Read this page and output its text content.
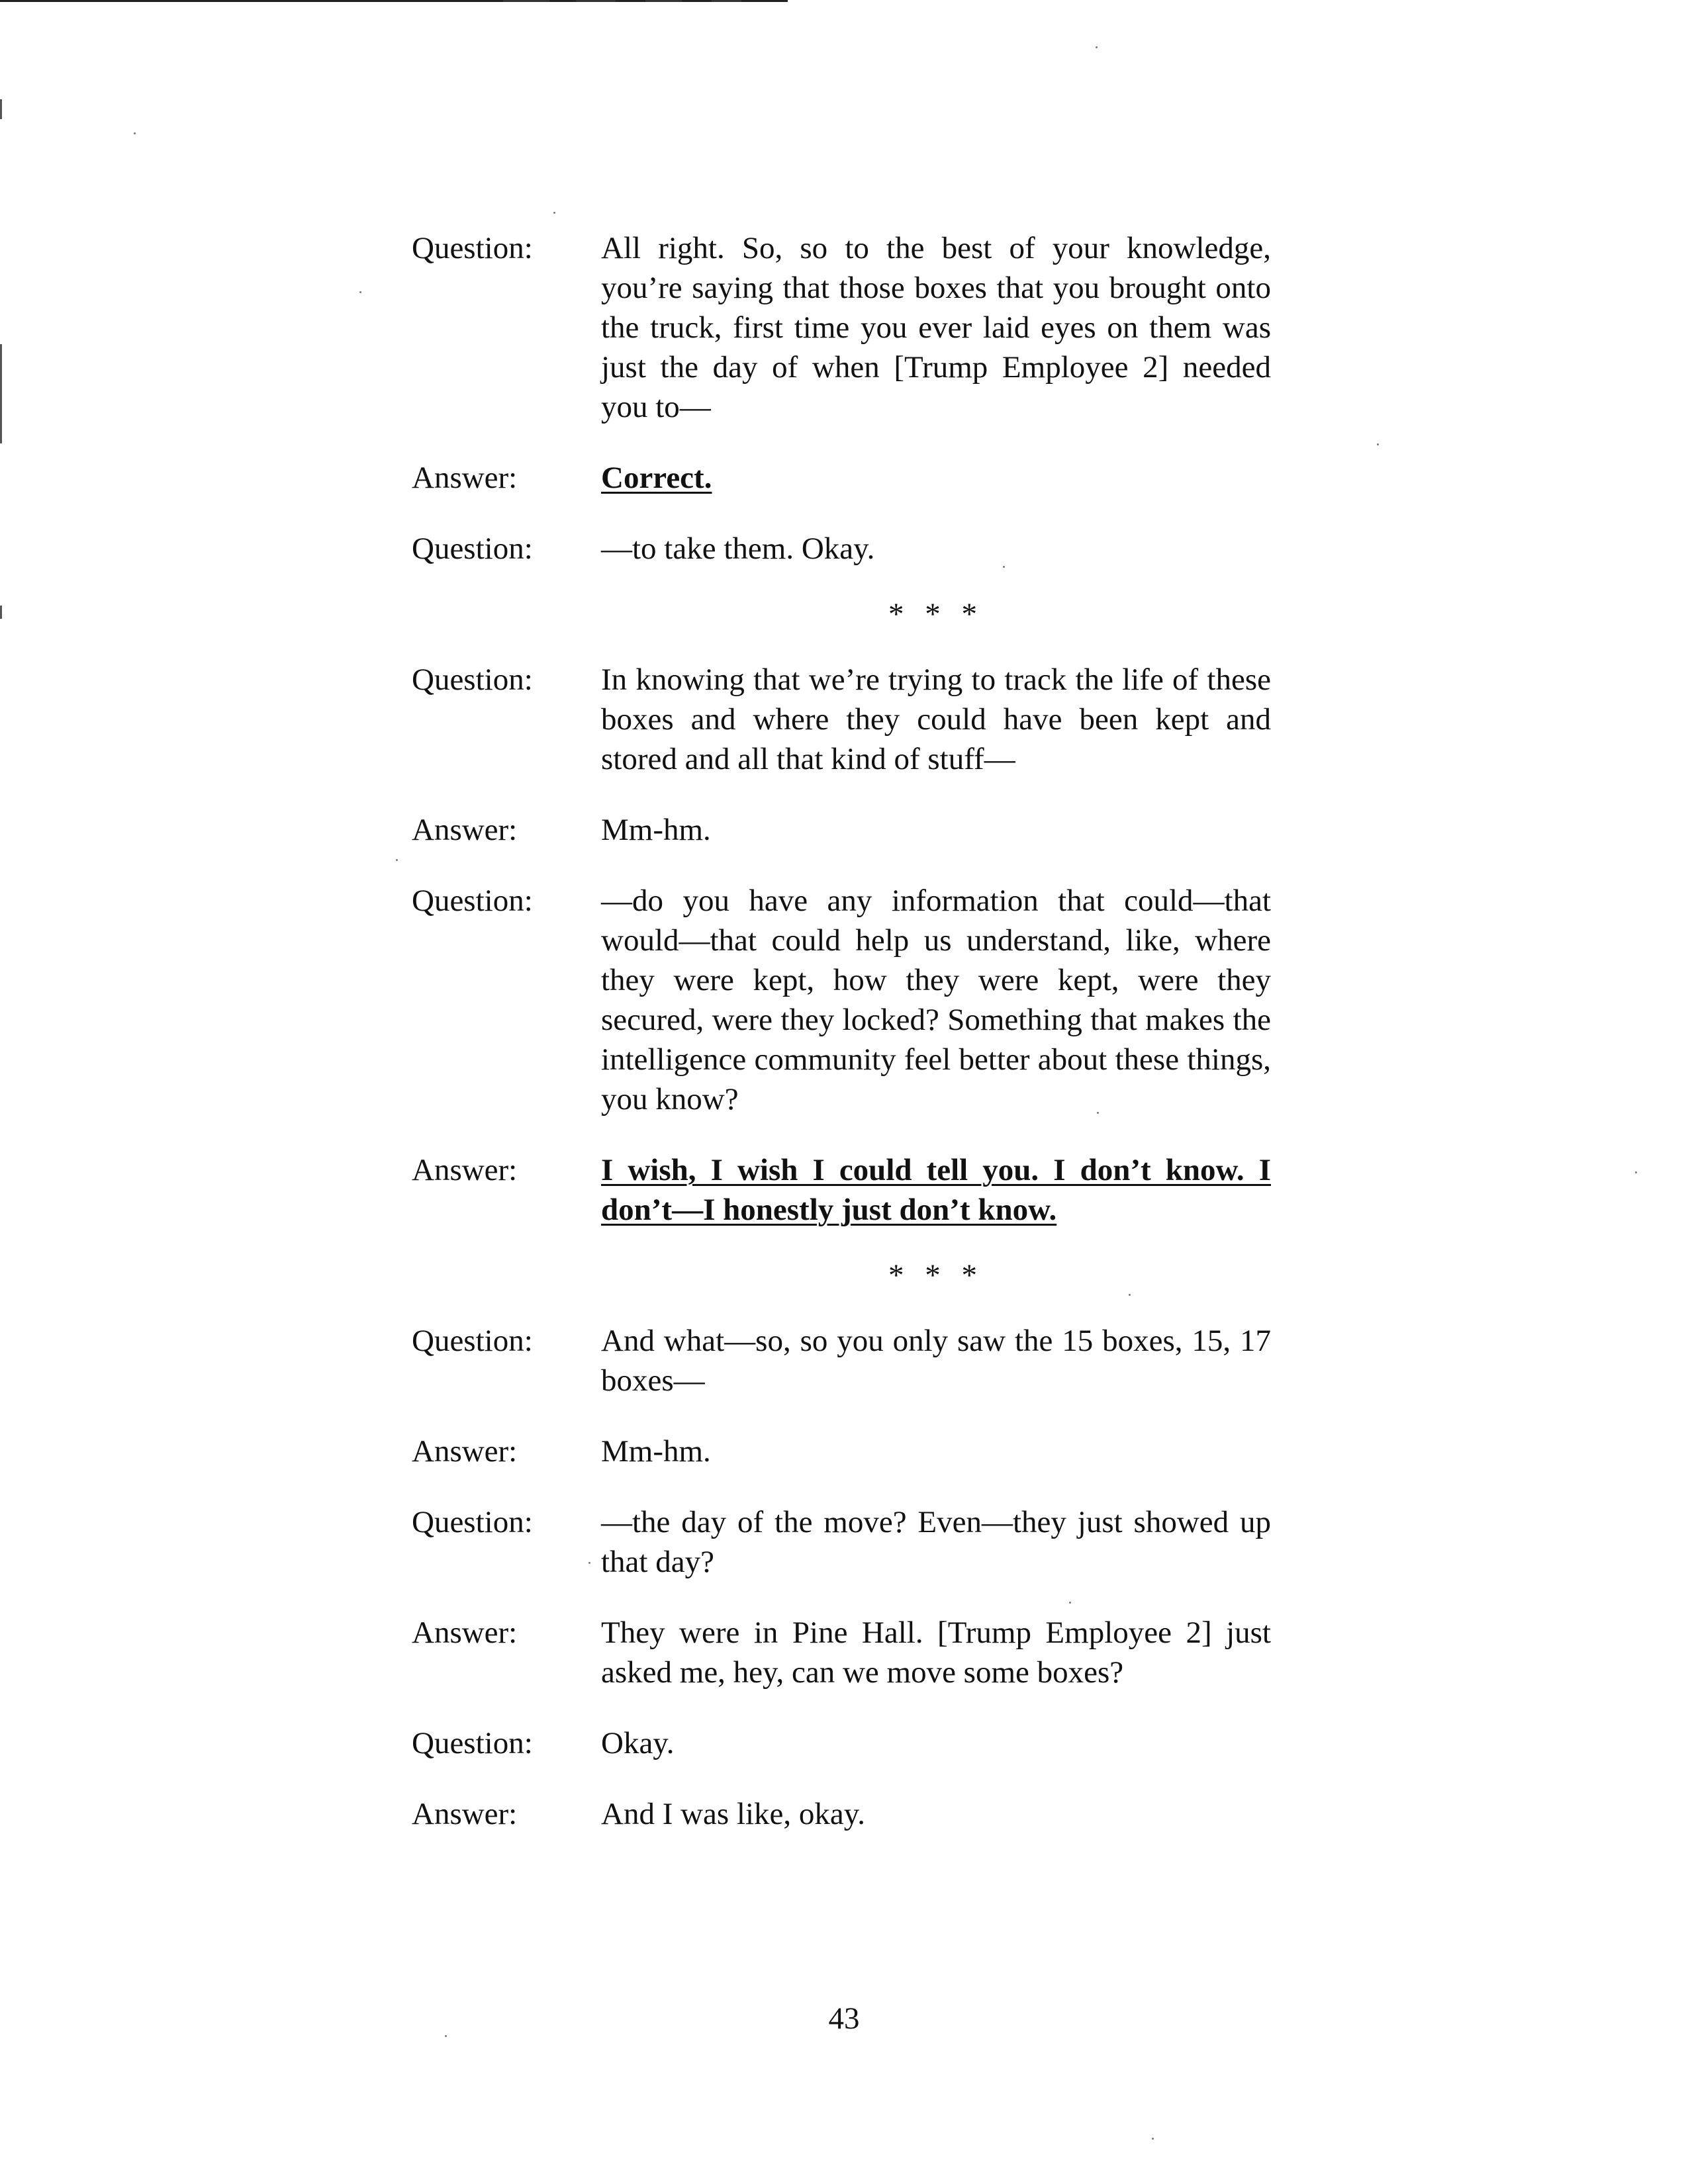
Question:	All right. So, so to the best of your knowledge, you’re saying that those boxes that you brought onto the truck, first time you ever laid eyes on them was just the day of when [Trump Employee 2] needed you to—
Answer:	Correct.
Question:	—to take them. Okay.
* * *
Question:	In knowing that we’re trying to track the life of these boxes and where they could have been kept and stored and all that kind of stuff—
Answer:	Mm-hm.
Question:	—do you have any information that could—that would—that could help us understand, like, where they were kept, how they were kept, were they secured, were they locked? Something that makes the intelligence community feel better about these things, you know?
Answer:	I wish, I wish I could tell you. I don’t know. I don’t—I honestly just don’t know.
* * *
Question:	And what—so, so you only saw the 15 boxes, 15, 17 boxes—
Answer:	Mm-hm.
Question:	—the day of the move? Even—they just showed up that day?
Answer:	They were in Pine Hall. [Trump Employee 2] just asked me, hey, can we move some boxes?
Question:	Okay.
Answer:	And I was like, okay.
43
